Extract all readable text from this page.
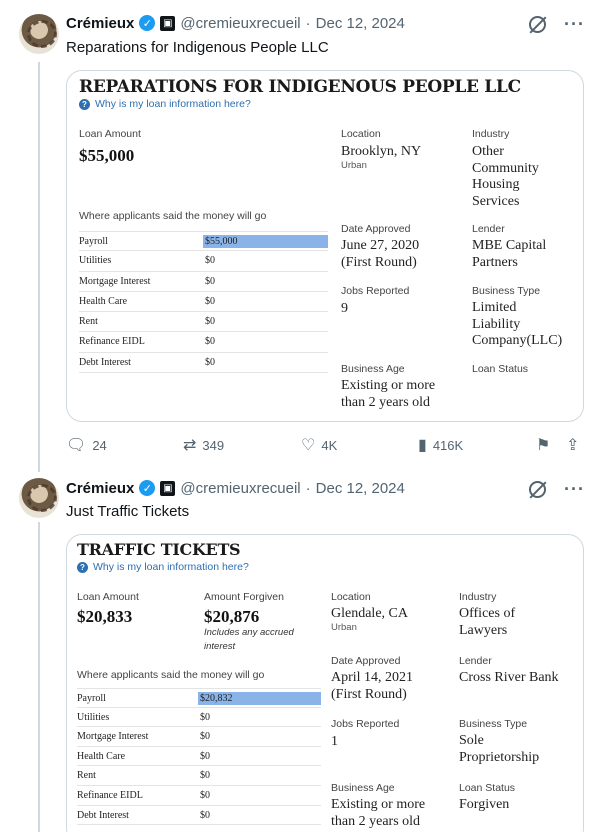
Crémieux ✓	▣ @cremieuxrecueil · Dec 12, 2024	···
Reparations for Indigenous People LLC
REPARATIONS FOR INDIGENOUS PEOPLE LLC
? Why is my loan information here?
Loan Amount
$55,000
Location
Brooklyn, NY
Urban
Industry
Other
Community
Housing
Services
Where applicants said the money will go
Payroll	$55,000
Utilities	$0
Mortgage Interest	$0
Health Care	$0
Rent	$0
Refinance EIDL	$0
Debt Interest	$0
Date Approved
June 27, 2020
(First Round)
Lender
MBE Capital
Partners
Jobs Reported
9
Business Type
Limited
Liability
Company(LLC)
Business Age
Existing or more
than 2 years old
Loan Status
🗨 24	⇄ 349	♡ 4K	▮ 416K	⚑ ⇪
Crémieux ✓	▣ @cremieuxrecueil · Dec 12, 2024	···
Just Traffic Tickets
TRAFFIC TICKETS
? Why is my loan information here?
Loan Amount
$20,833
Amount Forgiven
$20,876
Includes any accrued
interest
Location
Glendale, CA
Urban
Industry
Offices of
Lawyers
Where applicants said the money will go
Payroll	$20,832
Utilities	$0
Mortgage Interest	$0
Health Care	$0
Rent	$0
Refinance EIDL	$0
Debt Interest	$0
Date Approved
April 14, 2021
(First Round)
Lender
Cross River Bank
Jobs Reported
1
Business Type
Sole
Proprietorship
Business Age
Existing or more
than 2 years old
Loan Status
Forgiven
